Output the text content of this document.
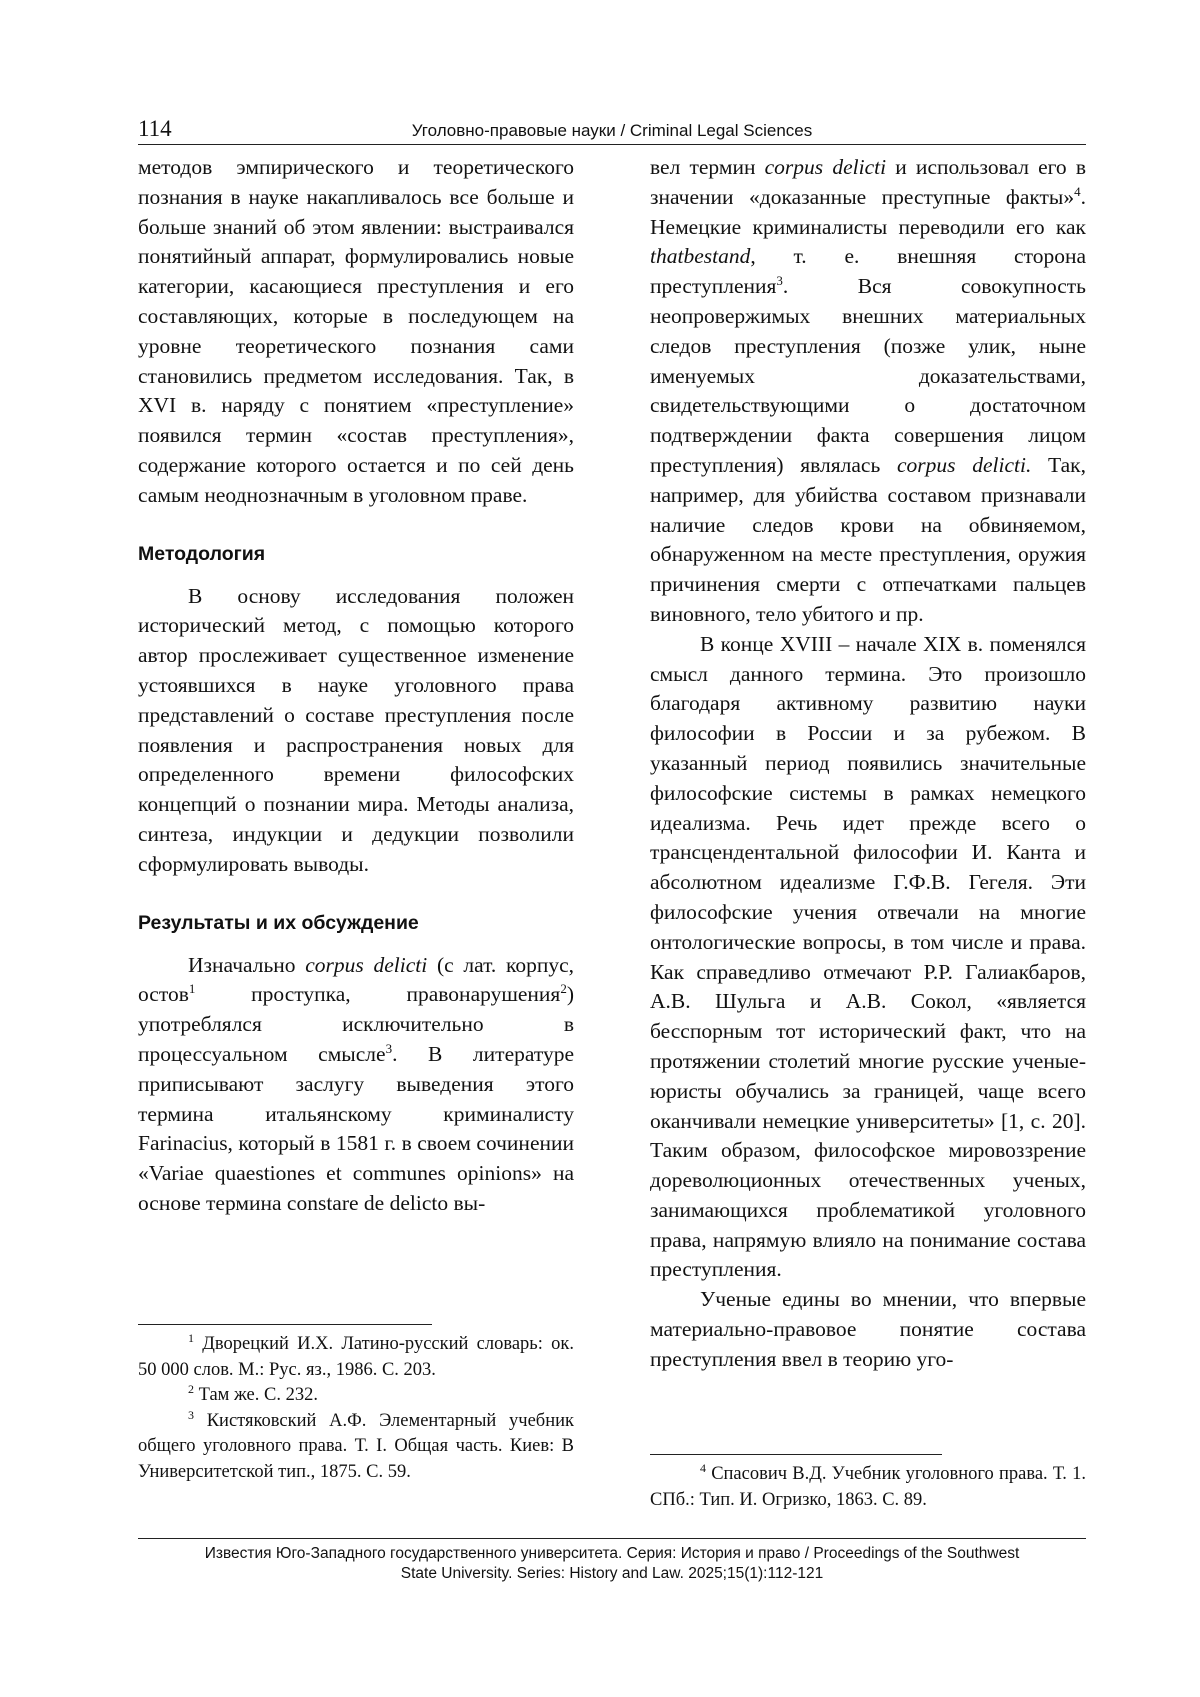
114	Уголовно-правовые науки / Criminal Legal Sciences

методов эмпирического и теоретического познания в науке накапливалось все больше и больше знаний об этом явлении: выстраивался понятийный аппарат, формулировались новые категории, касающиеся преступления и его составляющих, которые в последующем на уровне теоретического познания сами становились предметом исследования. Так, в XVI в. наряду с понятием «преступление» появился термин «состав преступления», содержание которого остается и по сей день самым неоднозначным в уголовном праве.

Методология

В основу исследования положен исторический метод, с помощью которого автор прослеживает существенное изменение устоявшихся в науке уголовного права представлений о составе преступления после появления и распространения новых для определенного времени философских концепций о познании мира. Методы анализа, синтеза, индукции и дедукции позволили сформулировать выводы.

Результаты и их обсуждение

Изначально corpus delicti (с лат. корпус, остов$^1$ проступка, правонарушения$^2$) употреблялся исключительно в процессуальном смысле$^3$. В литературе приписывают заслугу выведения этого термина итальянскому криминалисту Farinacius, который в 1581 г. в своем сочинении «Variae quaestiones et communes opinions» на основе термина constare de delicto вы-

$^1$ Дворецкий И.Х. Латино-русский словарь: ок. 50 000 слов. М.: Рус. яз., 1986. С. 203.

$^2$ Там же. С. 232.

$^3$ Кистяковский А.Ф. Элементарный учебник общего уголовного права. Т. I. Общая часть. Киев: В Университетской тип., 1875. С. 59.

вел термин corpus delicti и использовал его в значении «доказанные преступные факты»$^4$. Немецкие криминалисты переводили его как thatbestand, т. е. внешняя сторона преступления$^3$. Вся совокупность неопровержимых внешних материальных следов преступления (позже улик, ныне именуемых доказательствами, свидетельствующими о достаточном подтверждении факта совершения лицом преступления) являлась corpus delicti. Так, например, для убийства составом признавали наличие следов крови на обвиняемом, обнаруженном на месте преступления, оружия причинения смерти с отпечатками пальцев виновного, тело убитого и пр.

В конце XVIII – начале XIX в. поменялся смысл данного термина. Это произошло благодаря активному развитию науки философии в России и за рубежом. В указанный период появились значительные философские системы в рамках немецкого идеализма. Речь идет прежде всего о трансцендентальной философии И. Канта и абсолютном идеализме Г.Ф.В. Гегеля. Эти философские учения отвечали на многие онтологические вопросы, в том числе и права. Как справедливо отмечают Р.Р. Галиакбаров, А.В. Шульга и А.В. Сокол, «является бесспорным тот исторический факт, что на протяжении столетий многие русские ученые-юристы обучались за границей, чаще всего оканчивали немецкие университеты» [1, с. 20]. Таким образом, философское мировоззрение дореволюционных отечественных ученых, занимающихся проблематикой уголовного права, напрямую влияло на понимание состава преступления.

Ученые едины во мнении, что впервые материально-правовое понятие состава преступления ввел в теорию уго-

$^4$ Спасович В.Д. Учебник уголовного права. Т. 1. СПб.: Тип. И. Огризко, 1863. С. 89.

Известия Юго-Западного государственного университета. Серия: История и право / Proceedings of the Southwest
State University. Series: History and Law. 2025;15(1):112-121
